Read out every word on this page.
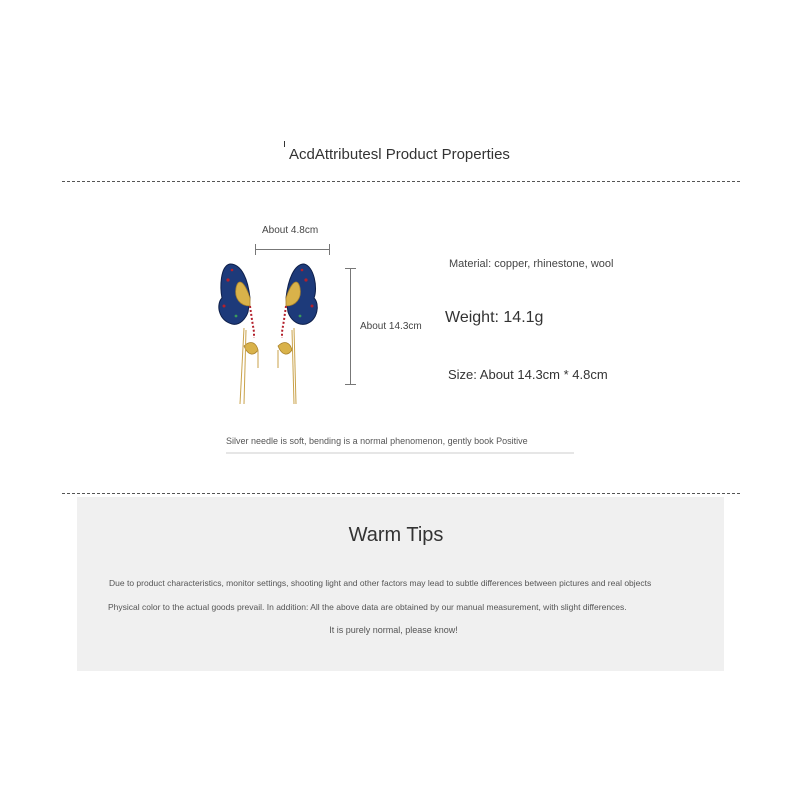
AcdAttributesl Product Properties
About 4.8cm
About 14.3cm
Material: copper, rhinestone, wool
Weight: 14.1g
Size: About 14.3cm * 4.8cm
Silver needle is soft, bending is a normal phenomenon, gently book Positive
Warm Tips
Due to product characteristics, monitor settings, shooting light and other factors may lead to subtle differences between pictures and real objects
Physical color to the actual goods prevail. In addition: All the above data are obtained by our manual measurement, with slight differences.
It is purely normal, please know!
